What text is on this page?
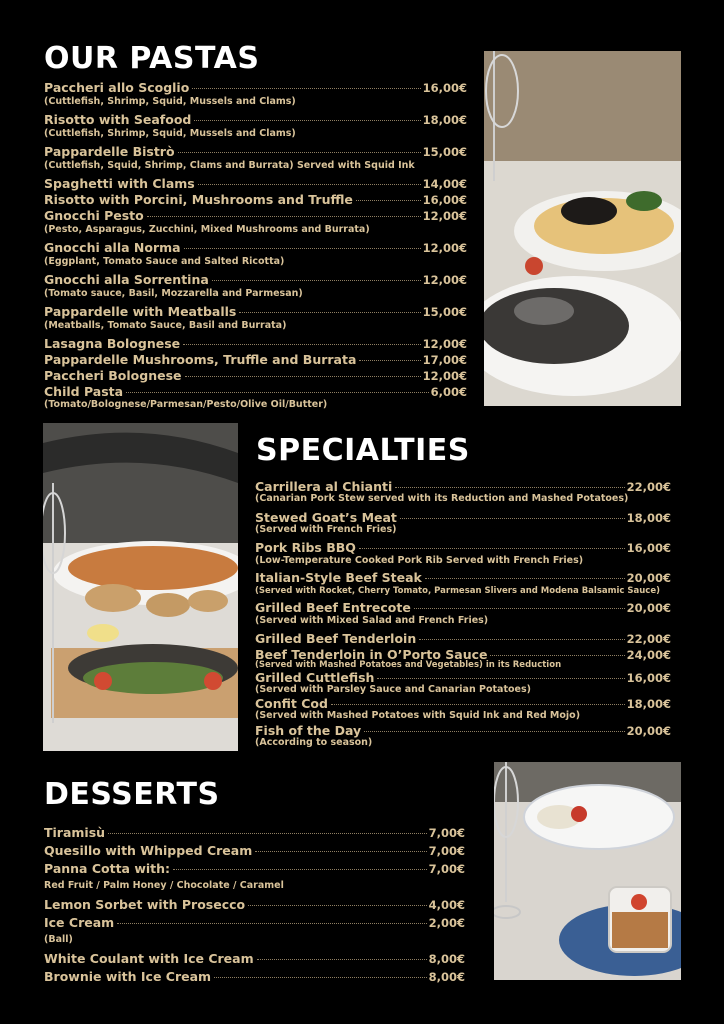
OUR PASTAS
Paccheri allo Scoglio	16,00€
(Cuttlefish, Shrimp, Squid, Mussels and Clams)
Risotto with Seafood	18,00€
(Cuttlefish, Shrimp, Squid, Mussels and Clams)
Pappardelle Bistrò	15,00€
(Cuttlefish, Squid, Shrimp, Clams and Burrata) Served with Squid Ink
Spaghetti with Clams	14,00€
Risotto with Porcini, Mushrooms and Truffle	16,00€
Gnocchi Pesto	12,00€
(Pesto, Asparagus, Zucchini, Mixed Mushrooms and Burrata)
Gnocchi alla Norma	12,00€
(Eggplant, Tomato Sauce and Salted Ricotta)
Gnocchi alla Sorrentina	12,00€
(Tomato sauce, Basil, Mozzarella and Parmesan)
Pappardelle with Meatballs	15,00€
(Meatballs, Tomato Sauce, Basil and Burrata)
Lasagna Bolognese	12,00€
Pappardelle Mushrooms, Truffle and Burrata	17,00€
Paccheri Bolognese	12,00€
Child Pasta	6,00€
(Tomato/Bolognese/Parmesan/Pesto/Olive Oil/Butter)
SPECIALTIES
Carrillera al Chianti	22,00€
(Canarian Pork Stew served with its Reduction and Mashed Potatoes)
Stewed Goat’s Meat	18,00€
(Served with French Fries)
Pork Ribs BBQ	16,00€
(Low-Temperature Cooked Pork Rib Served with French Fries)
Italian-Style Beef Steak	20,00€
(Served with Rocket, Cherry Tomato, Parmesan Slivers and Modena Balsamic Sauce)
Grilled Beef Entrecote	20,00€
(Served with Mixed Salad and French Fries)
Grilled Beef Tenderloin	22,00€
Beef Tenderloin in O’Porto Sauce	24,00€
(Served with Mashed Potatoes and Vegetables) in its Reduction
Grilled Cuttlefish	16,00€
(Served with Parsley Sauce and Canarian Potatoes)
Confit Cod	18,00€
(Served with Mashed Potatoes with Squid Ink and Red Mojo)
Fish of the Day	20,00€
(According to season)
DESSERTS
Tiramisù	7,00€
Quesillo with Whipped Cream	7,00€
Panna Cotta with:	7,00€
Red Fruit / Palm Honey / Chocolate / Caramel
Lemon Sorbet with Prosecco	4,00€
Ice Cream	2,00€
(Ball)
White Coulant with Ice Cream	8,00€
Brownie with Ice Cream	8,00€
